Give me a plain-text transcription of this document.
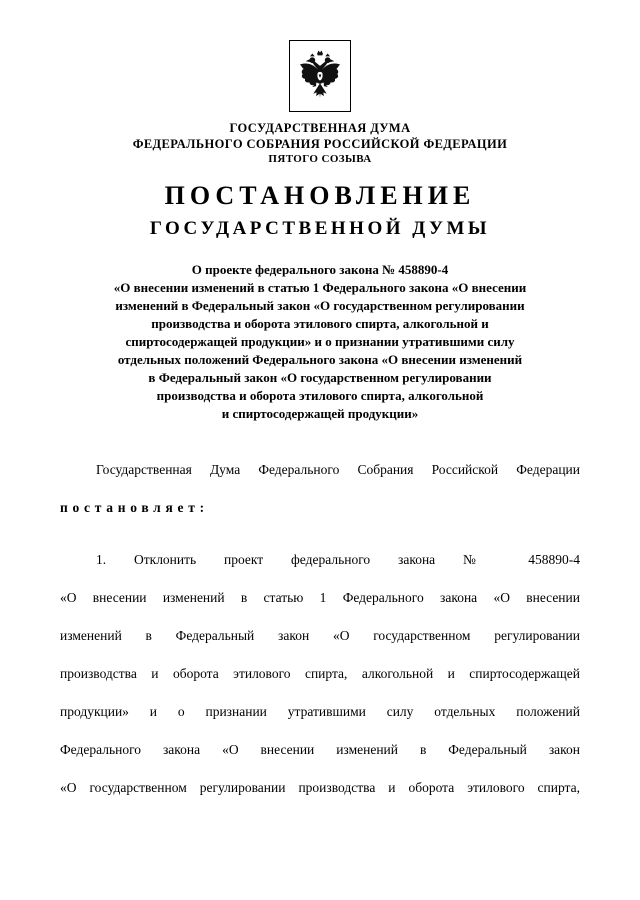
ГОСУДАРСТВЕННАЯ ДУМА
ФЕДЕРАЛЬНОГО СОБРАНИЯ РОССИЙСКОЙ ФЕДЕРАЦИИ
ПЯТОГО СОЗЫВА
ПОСТАНОВЛЕНИЕ
ГОСУДАРСТВЕННОЙ ДУМЫ
О проекте федерального закона № 458890-4
«О внесении изменений в статью 1 Федерального закона «О внесении
изменений в Федеральный закон «О государственном регулировании
производства и оборота этилового спирта, алкогольной и
спиртосодержащей продукции» и о признании утратившими силу
отдельных положений Федерального закона «О внесении изменений
в Федеральный закон «О государственном регулировании
производства и оборота этилового спирта, алкогольной
и спиртосодержащей продукции»
Государственная Дума Федерального Собрания Российской Федерации
постановляет:
1. Отклонить проект федерального закона № 458890-4
«О внесении изменений в статью 1 Федерального закона «О внесении
изменений в Федеральный закон «О государственном регулировании
производства и оборота этилового спирта, алкогольной и спиртосодержащей
продукции» и о признании утратившими силу отдельных положений
Федерального закона «О внесении изменений в Федеральный закон
«О государственном регулировании производства и оборота этилового спирта,
